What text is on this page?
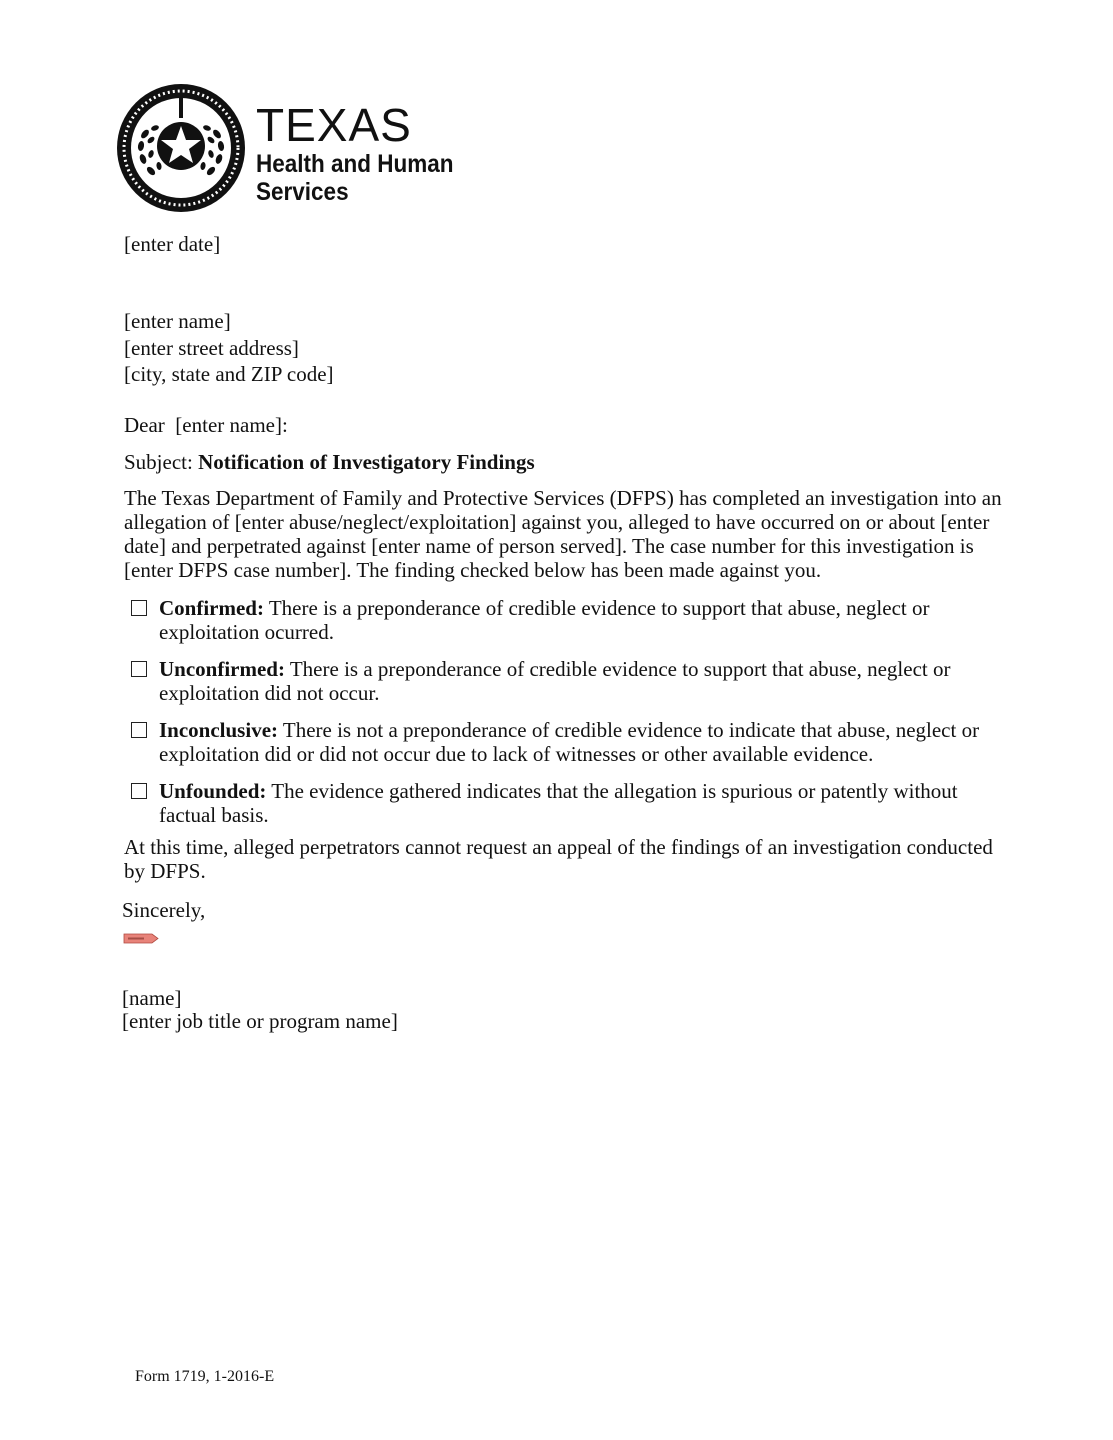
TEXAS
Health and Human
Services
[enter date]
[enter name]
[enter street address]
[city, state and ZIP code]
Dear  [enter name]:
Subject: Notification of Investigatory Findings
The Texas Department of Family and Protective Services (DFPS) has completed an investigation into an allegation of [enter abuse/neglect/exploitation] against you, alleged to have occurred on or about [enter date] and perpetrated against [enter name of person served]. The case number for this investigation is [enter DFPS case number]. The finding checked below has been made against you.
Confirmed: There is a preponderance of credible evidence to support that abuse, neglect or exploitation ocurred.
Unconfirmed: There is a preponderance of credible evidence to support that abuse, neglect or exploitation did not occur.
Inconclusive: There is not a preponderance of credible evidence to indicate that abuse, neglect or exploitation did or did not occur due to lack of witnesses or other available evidence.
Unfounded: The evidence gathered indicates that the allegation is spurious or patently without factual basis.
At this time, alleged perpetrators cannot request an appeal of the findings of an investigation conducted by DFPS.
Sincerely,
[name]
[enter job title or program name]
Form 1719, 1-2016-E
